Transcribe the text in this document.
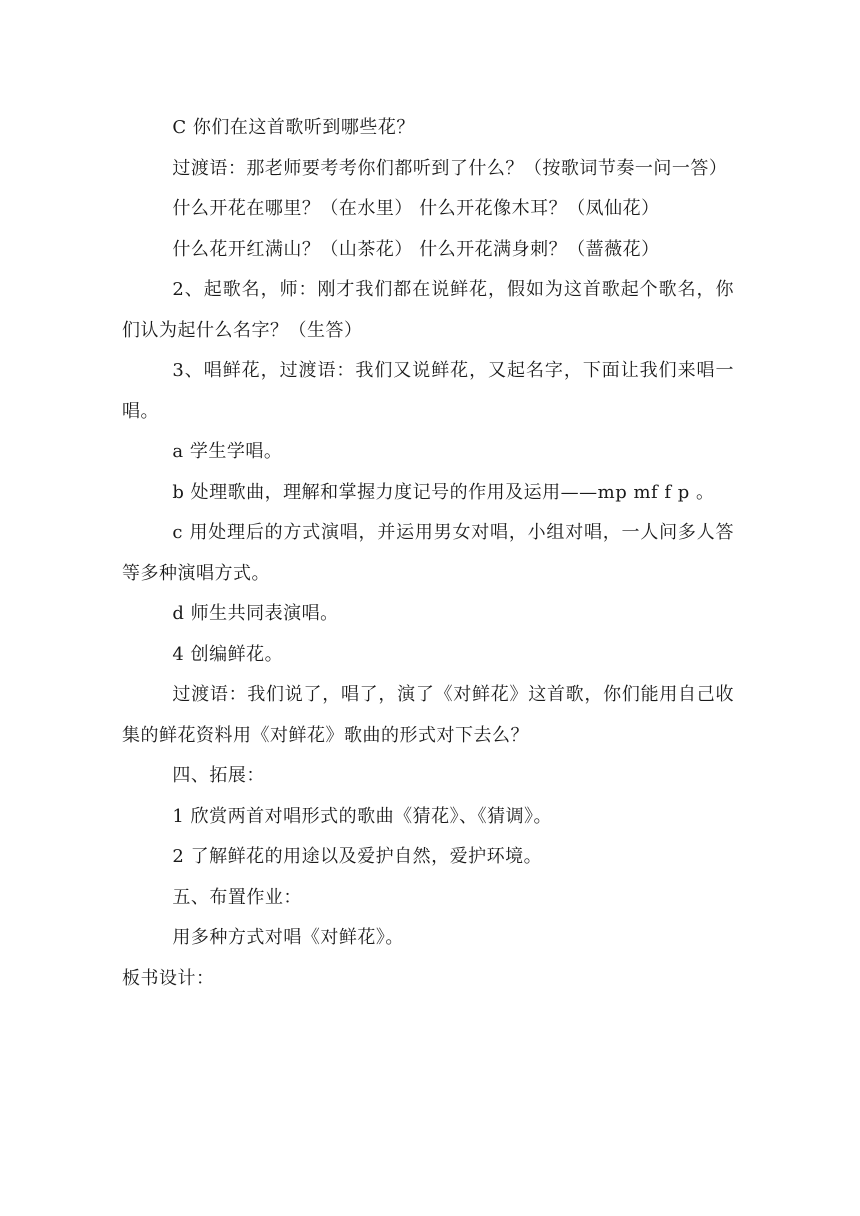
C 你们在这首歌听到哪些花？

过渡语：那老师要考考你们都听到了什么？（按歌词节奏一问一答）

什么开花在哪里？（在水里） 什么开花像木耳？（凤仙花）

什么花开红满山？（山茶花） 什么开花满身刺？（蔷薇花）

2、起歌名，师：刚才我们都在说鲜花，假如为这首歌起个歌名，你们认为起什么名字？（生答）

3、唱鲜花，过渡语：我们又说鲜花，又起名字，下面让我们来唱一唱。

a 学生学唱。

b 处理歌曲，理解和掌握力度记号的作用及运用——mp mf f p 。

c 用处理后的方式演唱，并运用男女对唱，小组对唱，一人问多人答等多种演唱方式。

d 师生共同表演唱。

4 创编鲜花。

过渡语：我们说了，唱了，演了《对鲜花》这首歌，你们能用自己收集的鲜花资料用《对鲜花》歌曲的形式对下去么？

四、拓展：

1 欣赏两首对唱形式的歌曲《猜花》、《猜调》。

2 了解鲜花的用途以及爱护自然，爱护环境。

五、布置作业：

用多种方式对唱《对鲜花》。

板书设计：
